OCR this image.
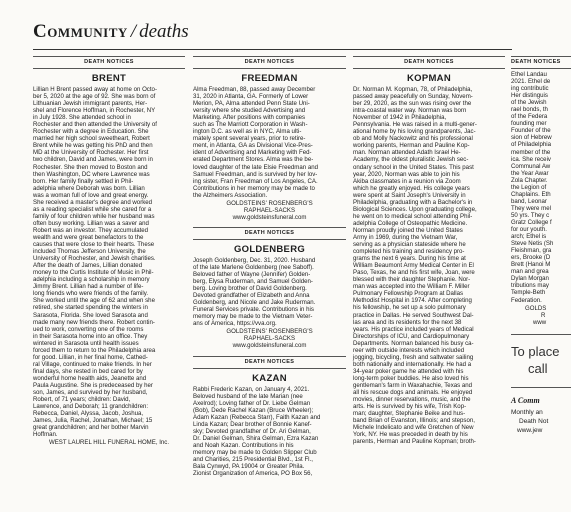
Community / deaths
DEATH NOTICES
BRENT
Lillian H Brent passed away at home on Octo-
ber 5, 2020 at the age of 92. She was born of
Lithuanian Jewish immigrant parents, Her-
shel and Florence Hoffman, in Rochester, NY
in July 1928. She attended school in
Rochester and then attended the University of
Rochester with a degree in Education. She
married her high school sweetheart, Robert
Brent while he was getting his PhD and then
MD at the University of Rochester. Her first
two children, David and James, were born in
Rochester. She then moved to Boston and
then Washington, DC where Lawrence was
born. Her family finally settled in Phil-
adelphia where Deborah was born. Lillian
was a woman full of love and great energy.
She received a master's degree and worked
as a reading specialist while she cared for a
family of four children while her husband was
often busy working. Lillian was a saver and
Robert was an investor. They accumulated
wealth and were great benefactors to the
causes that were close to their hearts. These
included Thomas Jefferson University, the
University of Rochester, and Jewish charities.
After the death of James, Lillian donated
money to the Curtis Institute of Music in Phil-
adelphia including a scholarship in memory
Jimmy Brent. Lillian had a number of life-
long friends who were friends of the family.
She worked until the age of 62 and when she
retired, she started spending the winters in
Sarasota, Florida. She loved Sarasota and
made many new friends there. Robert contin-
ued to work, converting one of the rooms
in their Sarasota home into an office. They
wintered in Sarasota until health issues
forced them to return to the Philadelphia area
for good. Lillian, in her final home, Cathed-
ral Village, continued to make friends. In her
final days, she rested in bed cared for by
wonderful home health aids, Jeanette and
Paula Augustine. She is predeceased by her
son, James, and survived by her husband,
Robert, of 71 years; children: David,
Lawrence, and Deborah; 11 grandchildren:
Rebecca, Daniel, Alyssa, Jacob, Joshua,
James, Julia, Rachel, Jonathan, Michael; 15
great grandchildren; and her bother Marvin
Hoffman.
WEST LAUREL HILL FUNERAL HOME, Inc.
DEATH NOTICES
FREEDMAN
Alma Freedman, 88, passed away December
31, 2020 in Atlanta, GA. Formerly of Lower
Merion, PA, Alma attended Penn State Uni-
versity where she studied Advertising and
Marketing. After positions with companies
such as The Marriott Corporation in Wash-
ington D.C. as well as in NYC, Alma ulti-
mately spent several years, prior to retire-
ment, in Atlanta, GA as Divisional Vice-Pres-
ident of Advertising and Marketing with Fed-
erated Department Stores. Alma was the be-
loved daughter of the late Elsie Freedman and
Samuel Freedman, and is survived by her lov-
ing sister, Fran Freedman of Los Angeles, CA.
Contributions in her memory may be made to
the Alzheimers Association.
GOLDSTEINS' ROSENBERG'S
RAPHAEL-SACKS
www.goldsteinsfuneral.com
DEATH NOTICES
GOLDENBERG
Joseph Goldenberg, Dec. 31, 2020. Husband
of the late Marlene Goldenberg (nee Saboff).
Beloved father of Wayne (Jennifer) Golden-
berg, Elysa Ruderman, and Samuel Golden-
berg. Loving brother of David Goldenberg.
Devoted grandfather of Elizabeth and Anna
Goldenberg, and Nicole and Jake Ruderman.
Funeral Services private. Contributions in his
memory may be made to the Vietnam Veter-
ans of America, https://vva.org.
GOLDSTEINS' ROSENBERG'S
RAPHAEL-SACKS
www.goldsteinsfuneral.com
DEATH NOTICES
KAZAN
Rabbi Frederic Kazan, on January 4, 2021.
Beloved husband of the late Marian (nee
Axelrod); Loving father of Dr. Liebe Gelman
(Bob), Dede Rachel Kazan (Bruce Wheeler);
Adam Kazan (Rebecca Starr), Faith Kazan and
Linda Kazan; Dear brother of Bonnie Kanef-
sky; Devoted grandfather of Dr. Ari Gelman,
Dr. Daniel Gelman, Shira Gelman, Ezra Kazan
and Noah Kazan. Contributions in his
memory may be made to Golden Slipper Club
and Charities, 215 Presidential Blvd., 1st Fl.,
Bala Cynwyd, PA 19004 or Greater Phila.
Zionist Organization of America, PO Box 56,
DEATH NOTICES
KOPMAN
Dr. Norman M. Kopman, 78, of Philadelphia,
passed away peacefully on Sunday, Novem-
ber 29, 2020, as the sun was rising over the
intra-coastal water way. Norman was born
November of 1942 in Philadelphia,
Pennsylvania. He was raised in a multi-gener-
ational home by his loving grandparents, Jac-
ob and Molly Nackowitz and his professional
working parents, Herman and Pauline Kop-
man. Norman attended Adath Israel He-
Academy, the oldest pluralistic Jewish sec-
ondary school in the United States. This past
year, 2020, Norman was able to join his
Akiba classmates in a reunion via Zoom
which he greatly enjoyed. His college years
were spent at Saint Joseph's University in
Philadelphia, graduating with a Bachelor's in
Biological Sciences. Upon graduating college,
he went on to medical school attending Phil-
adelphia College of Osteopathic Medicine.
Norman proudly joined the United States
Army in 1969, during the Vietnam War,
serving as a physician stateside where he
completed his training and residency pro-
grams the next 6 years. During his time at
William Beaumont Army Medical Center in El
Paso, Texas, he and his first wife, Joan, were
blessed with their daughter Stephanie. Nor-
man was accepted into the William F. Miller
Pulmonary Fellowship Program at Dallas
Methodist Hospital in 1974. After completing
his fellowship, he set up a solo pulmonary
practice in Dallas. He served Southwest Dal-
las area and its residents for the next 38
years. His practice included years of Medical
Directorships of ICU, and Cardiopulmonary
Departments. Norman balanced his busy ca-
reer with outside interests which included
jogging, bicycling, fresh and saltwater sailing
both nationally and internationally. He had a
34-year poker game he attended with his
long-term poker buddies. He also loved his
gentleman's farm in Waxahachie, Texas and
all his rescue dogs and animals. He enjoyed
movies, dinner reservations, music, and the
arts. He is survived by his wife, Trish Kop-
man; daughter, Stephanie Beike and hus-
band Brian of Evanston, Illinois; and stepson,
Michele Indelicato and wife Gretchen of New
York, NY. He was preceded in death by his
parents, Herman and Pauline Kopman; broth-
DEATH NOTICES
Ethel Landau
2021. Ethel de
ing contributic
Her distinguis
of the Jewish
rael bonds, th
of the Federa
founding mer
Founder of the
sion of Hebrew
of Philadelphia
member of the
ica. She receiv
Communal Aw
the Year Awar
Zola Chapter.
the Legion of
Chaplains. Eth
band, Leonar
They were mel
50 yrs. They c
Gratz College f
for our youth.
arch; Ethel is
Steve Netis (Sh
Fleishman, gra
ers, Brooke (D
Brett (Hanoi M
man and grea
Dylan Morgan
tributions may
Temple-Beth
Federation.
GOLDS
R
www
To place
call
A Comm
Monthly an
Death Not
www.jew
